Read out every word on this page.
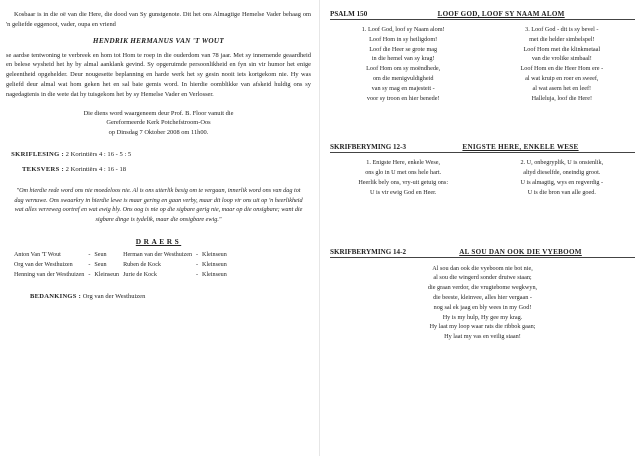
Kosbaar is in die oë van die Here, die dood van Sy gunstgenote. Dit het ons Almagtige Hemelse Vader behaag om 'n geliefde eggenoot, vader, oupa en vriend

HENDRIK HERMANUS VAN 'T WOUT

se aardse tentwoning te verbreek en hom tot Hom te roep in die ouderdom van 78 jaar. Met sy innemende geaardheid en belese wysheid het hy by almal aanklank gevind. Sy opgeruimde persoonlikheid en fyn sin vir humor het enige geleentheid opgehelder. Deur nougesette beplanning en harde werk het sy gesin nooit iets kortgekom nie. Hy was geliefd deur almal wat hom geken het en sal baie gemis word. In hierdie oomblikke van afskeid huldig ons sy nagedagtenis in die wete dat hy tuisgekom het by sy Hemelse Vader en Verlosser.

Die diens word waargeneem deur Prof. B. Floor vanuit die
Gereformeerde Kerk Potchefstroom-Oos
op Dinsdag 7 Oktober 2008 om 11h00.
SKRIFLESING : 2 Korintiërs 4 : 16 - 5 : 5
TEKSVERS : 2 Korintiërs 4 : 16 - 18
"Om hierdie rede word ons nie moedeloos nie. Al is ons uiterlik besig om te vergaan, innerlik word ons van dag tot dag vernuwe. Ons swaarkry in hierdie lewe is maar gering en gaan verby, maar dit loop vir ons uit op 'n heerlikheid wat alles verreweg oortref en wat ewig bly. Ons oog is nie op die sigbare gerig nie, maar op die onsigbare; want die sigbare dinge is tydelik, maar die onsigbare ewig."
DRAERS
Anton Van 'T Wout	-	Seun	Herman van der Westhuizen	-	Kleinseun
Org van der Westhuizen	-	Seun	Ruben de Kock	-	Kleinseun
Henning van der Westhuizen	-	Kleinseun	Jurie de Kock	-	Kleinseun
BEDANKINGS : Org van der Westhuizen
PSALM 150	LOOF GOD, LOOF SY NAAM ALOM
1. Loof God, loof sy Naam alom!
Loof Hom in sy heiligdom!
Loof die Heer se grote mag
in die hemel van sy krag!
Loof Hom om sy moëndhede,
om die menigvuldigheid
van sy mag en majesteit -
voor sy troon en hier benede!
3. Loof God - dit is sy bevel -
met die helder simbelspel!
Loof Hom met die klinkmetaal
van die vrolike simbaal!
Loof Hom en die Heer Hom ere -
al wat kruip en roer en sweef,
al wat asem het en leef!
Halleluja, loof die Here!
SKRIFBERYMING 12-3	ENIGSTE HERE, ENKELE WESE
1. Enigste Here, enkele Wese,
ons glo in U met ons hele hart.
Heerlik bely ons, vry-uit getuig ons:
U is vir ewig God en Heer.
2. U, onbegryplik, U is onsienlik,
altyd dieselfde, oneindig groot.
U is almagtig, wys en regverdig -
U is die bron van alle goed.
SKRIFBERYMING 14-2	AL SOU DAN OOK DIE VYEBOOM
Al sou dan ook die vyeboom nie bot nie,
al sou die wingerd sonder druiwe staan;
die graan verdor, die vrugtebome wegkwyn,
die beeste, kleinvee, alles hier vergaan -
nog sal ek jaag en bly wees in my God!
Hy is my hulp, Hy gee my krag.
Hy laat my loop waar rats die ribbok gaan;
Hy laat my vas en veilig staan!
